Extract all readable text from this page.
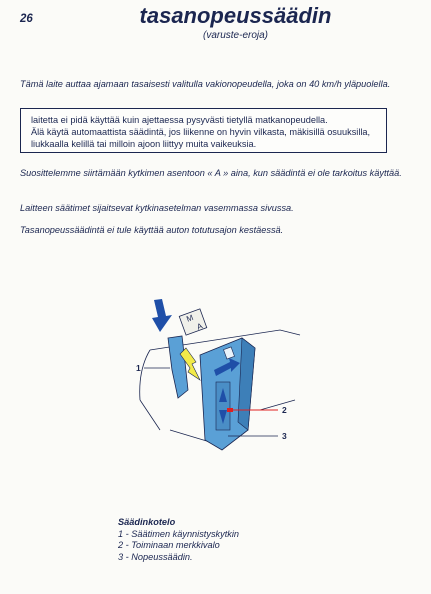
26	tasanopeussäädin
(varuste-eroja)

Tämä laite auttaa ajamaan tasaisesti valitulla vakionopeudella, joka on 40 km/h yläpuolella.

laitetta ei pidä käyttää kuin ajettaessa pysyvästi tietyllä matkanopeudella.

Älä käytä automaattista säädintä, jos liikenne on hyvin vilkasta, mäkisillä osuuksilla, liukkaalla kelillä tai milloin ajoon liittyy muita vaikeuksia.

Suosittelemme siirtämään kytkimen asentoon « A » aina, kun säädintä ei ole tarkoitus käyttää.

Laitteen säätimet sijaitsevat kytkinasetelman vasemmassa sivussa.

Tasanopeussäädintä ei tule käyttää auton totutusajon kestäessä.

M
A
1
2
3
Säädinkotelo
1 - Säätimen käynnistyskytkin
2 - Toiminaan merkkivalo
3 - Nopeussäädin.
